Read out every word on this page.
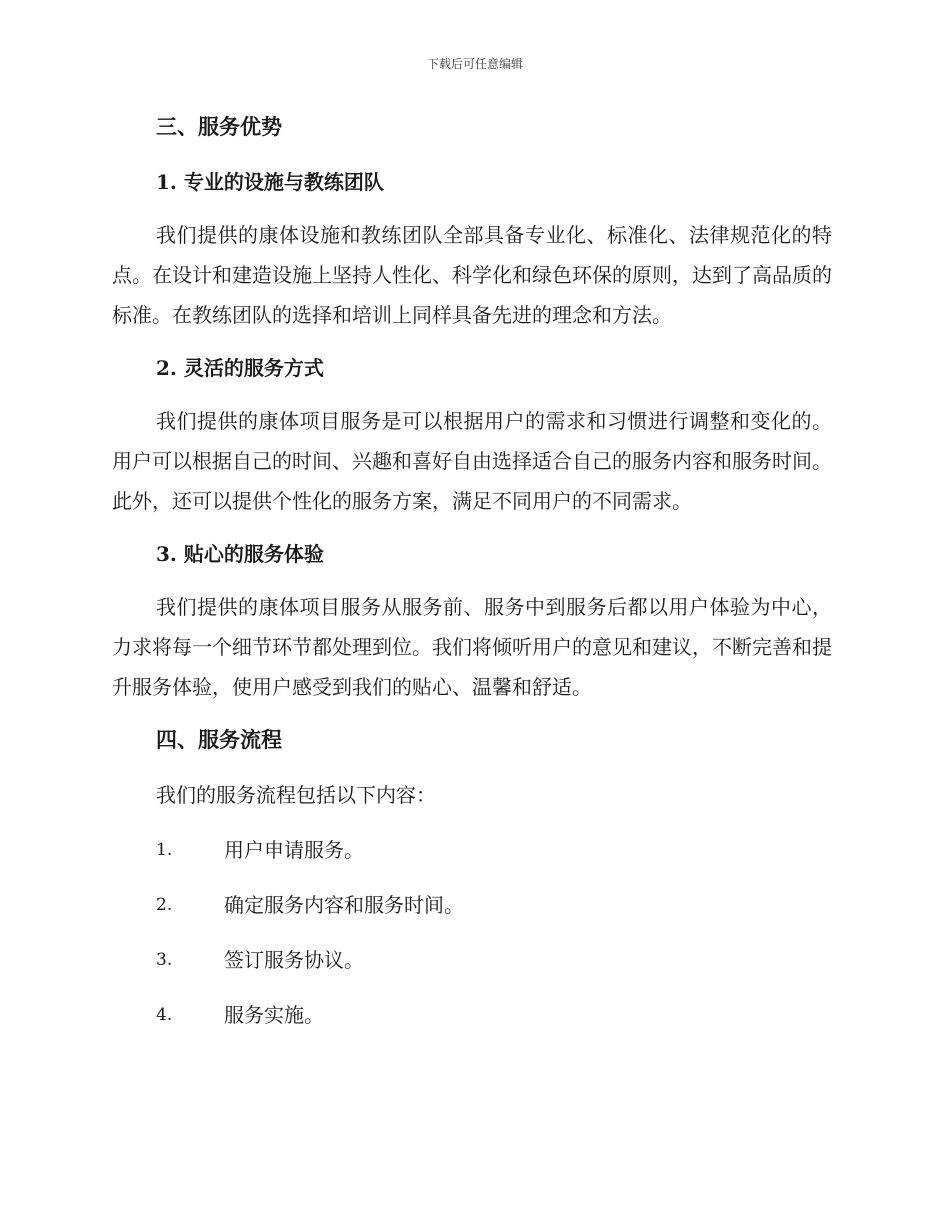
下载后可任意编辑
三、服务优势
1. 专业的设施与教练团队

我们提供的康体设施和教练团队全部具备专业化、标准化、法律规范化的特点。在设计和建造设施上坚持人性化、科学化和绿色环保的原则，达到了高品质的标准。在教练团队的选择和培训上同样具备先进的理念和方法。

2. 灵活的服务方式

我们提供的康体项目服务是可以根据用户的需求和习惯进行调整和变化的。用户可以根据自己的时间、兴趣和喜好自由选择适合自己的服务内容和服务时间。此外，还可以提供个性化的服务方案，满足不同用户的不同需求。

3. 贴心的服务体验

我们提供的康体项目服务从服务前、服务中到服务后都以用户体验为中心，力求将每一个细节环节都处理到位。我们将倾听用户的意见和建议，不断完善和提升服务体验，使用户感受到我们的贴心、温馨和舒适。

四、服务流程
我们的服务流程包括以下内容：
1.	用户申请服务。
2.	确定服务内容和服务时间。
3.	签订服务协议。
4.	服务实施。
